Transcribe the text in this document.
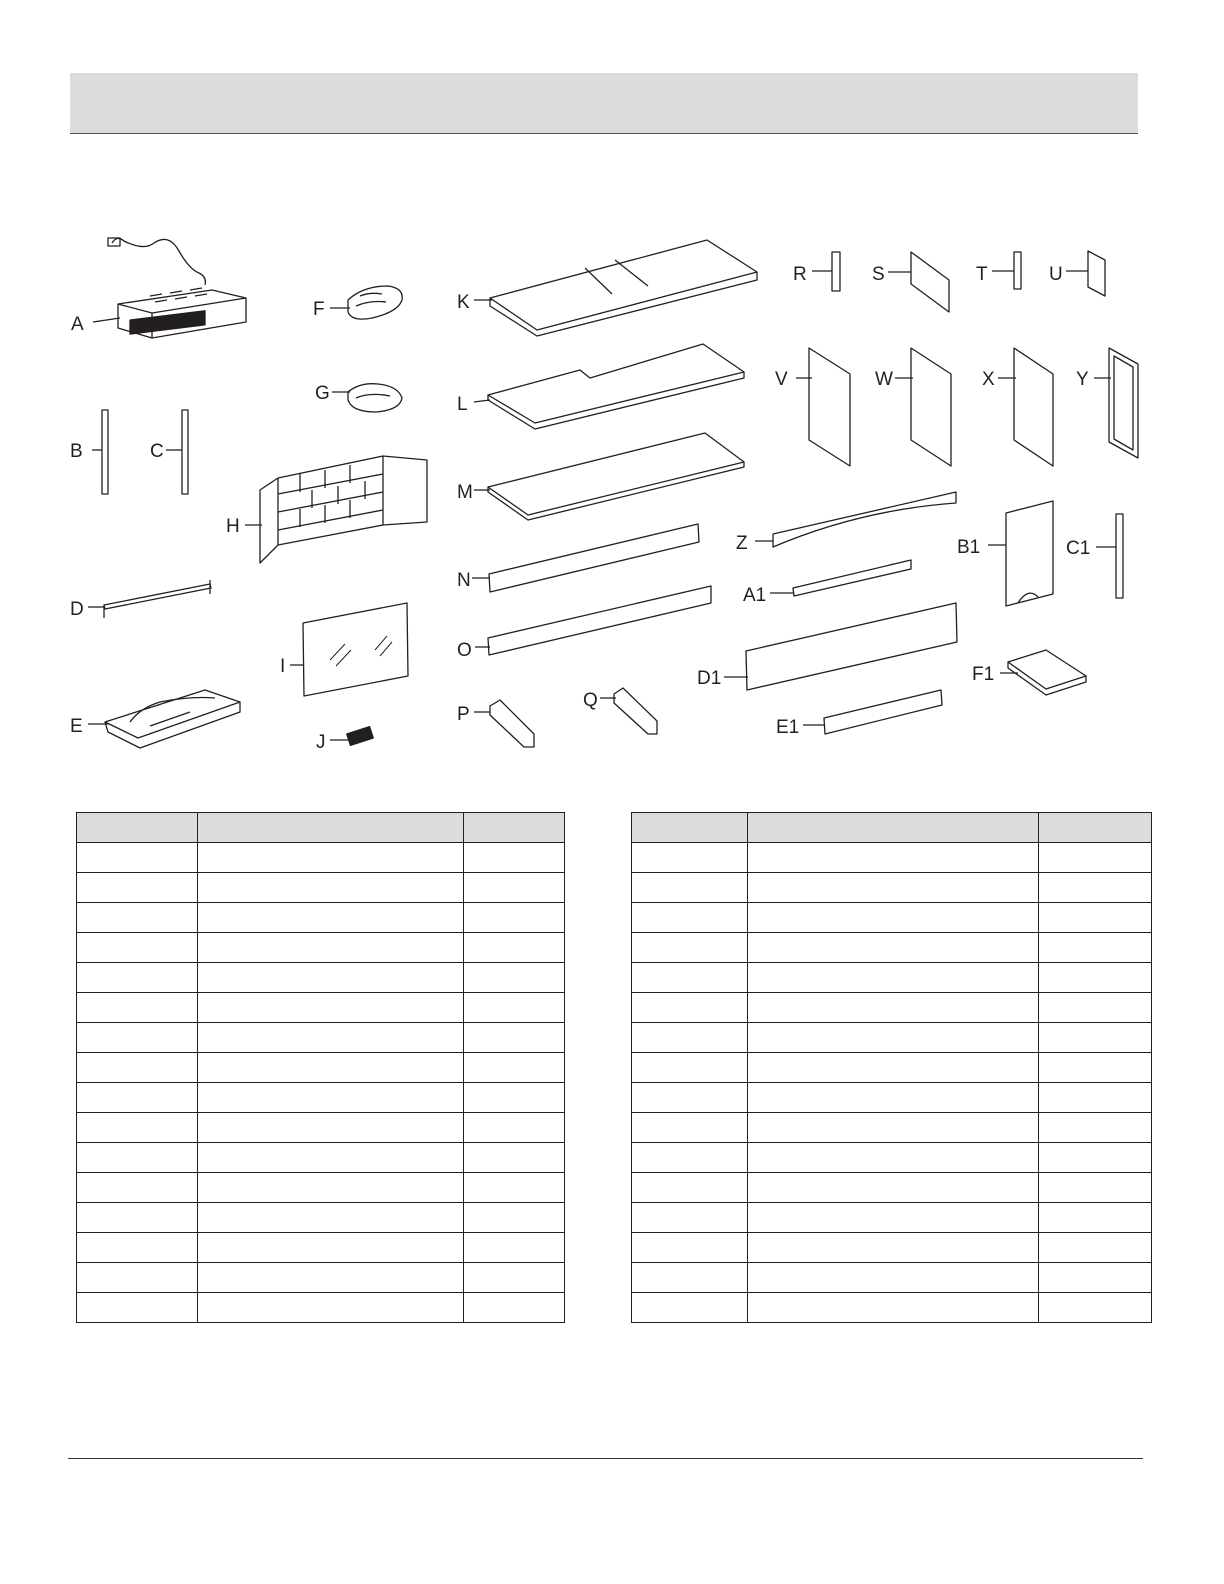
A
B	C
D
E
F
G
H
I
J
K
L
M
N
O
P
Q
R	S	T	U
V	W	X	Y
Z
A1
B1	C1
D1
E1
F1
